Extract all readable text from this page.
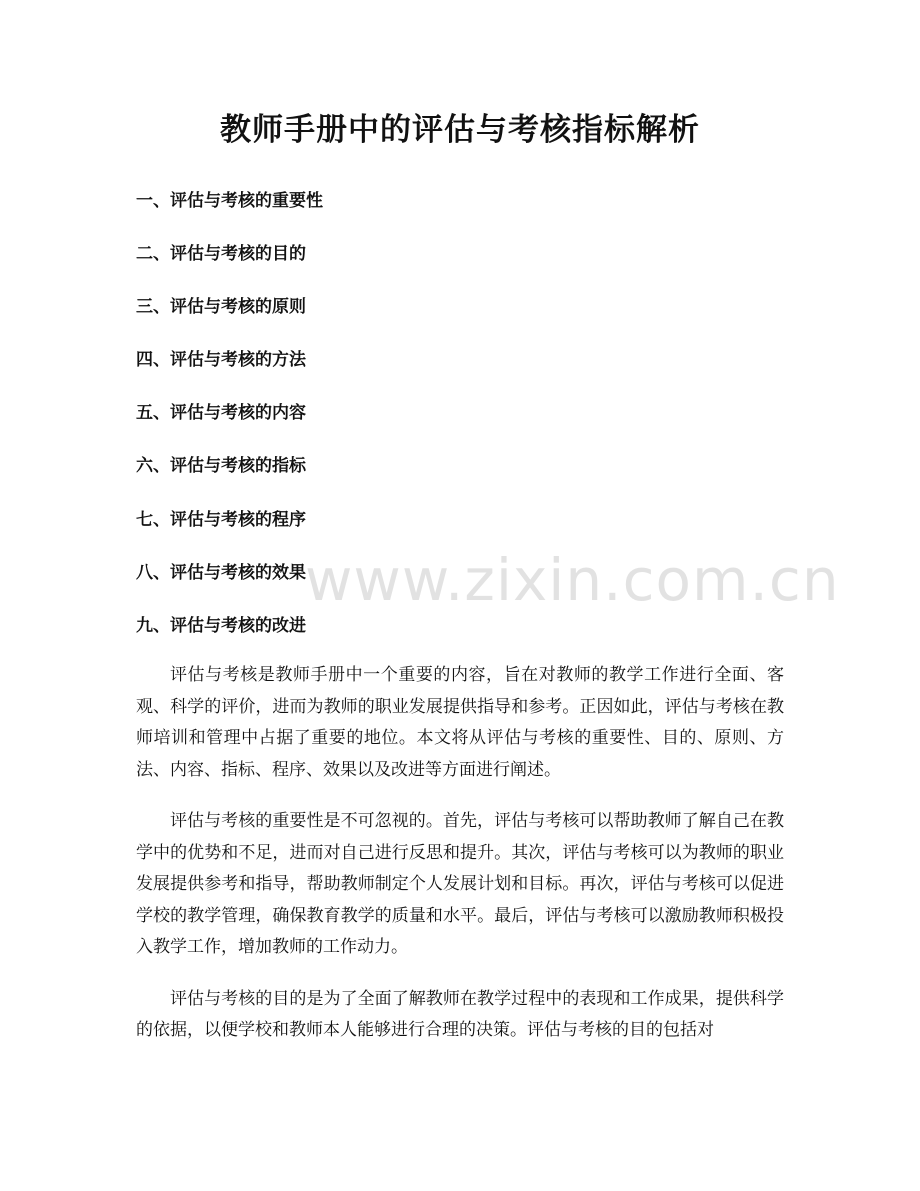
教师手册中的评估与考核指标解析
一、评估与考核的重要性
二、评估与考核的目的
三、评估与考核的原则
四、评估与考核的方法
五、评估与考核的内容
六、评估与考核的指标
七、评估与考核的程序
八、评估与考核的效果
九、评估与考核的改进

评估与考核是教师手册中一个重要的内容，旨在对教师的教学工作进行全面、客观、科学的评价，进而为教师的职业发展提供指导和参考。正因如此，评估与考核在教师培训和管理中占据了重要的地位。本文将从评估与考核的重要性、目的、原则、方法、内容、指标、程序、效果以及改进等方面进行阐述。

评估与考核的重要性是不可忽视的。首先，评估与考核可以帮助教师了解自己在教学中的优势和不足，进而对自己进行反思和提升。其次，评估与考核可以为教师的职业发展提供参考和指导，帮助教师制定个人发展计划和目标。再次，评估与考核可以促进学校的教学管理，确保教育教学的质量和水平。最后，评估与考核可以激励教师积极投入教学工作，增加教师的工作动力。

评估与考核的目的是为了全面了解教师在教学过程中的表现和工作成果，提供科学的依据，以便学校和教师本人能够进行合理的决策。评估与考核的目的包括对

www.zixin.com.cn
